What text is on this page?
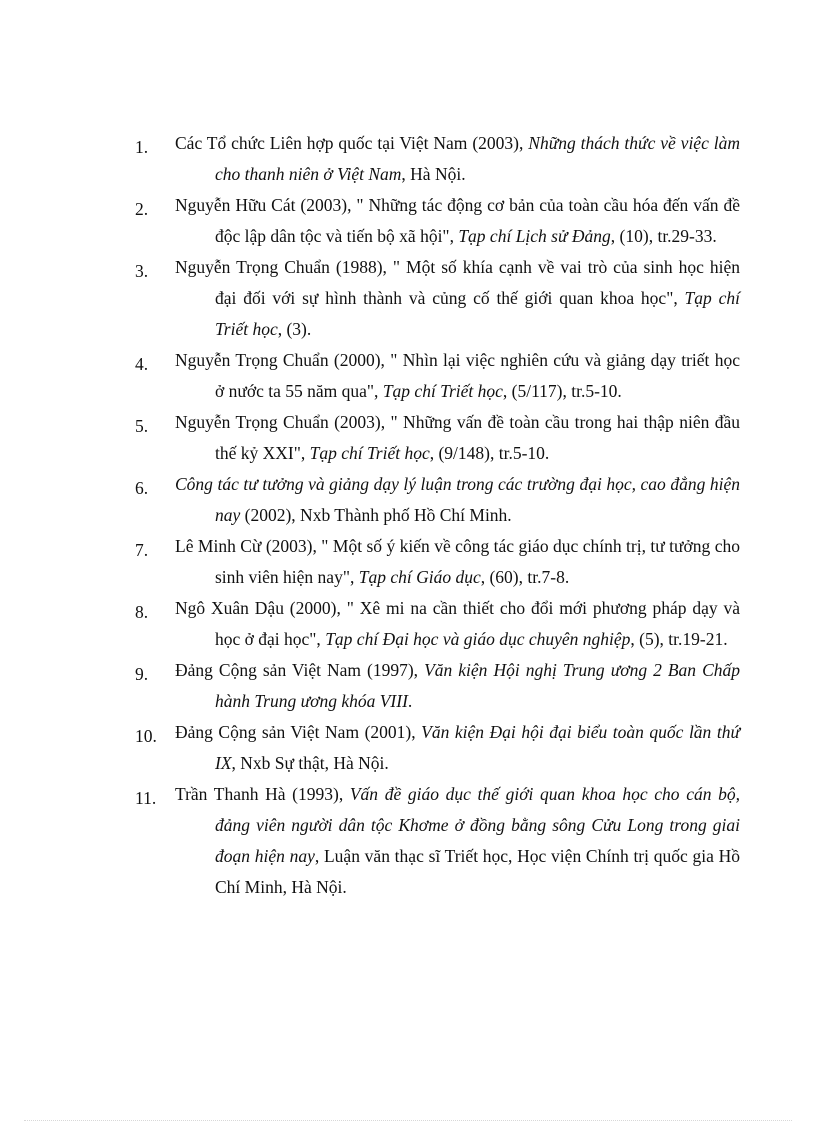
1.	Các Tổ chức Liên hợp quốc tại Việt Nam (2003), Những thách thức về việc làm cho thanh niên ở Việt Nam, Hà Nội.
2.	Nguyễn Hữu Cát (2003), " Những tác động cơ bản của toàn cầu hóa đến vấn đề độc lập dân tộc và tiến bộ xã hội", Tạp chí Lịch sử Đảng, (10), tr.29-33.
3.	Nguyễn Trọng Chuẩn (1988), " Một số khía cạnh về vai trò của sinh học hiện đại đối với sự hình thành và củng cố thế giới quan khoa học", Tạp chí Triết học, (3).
4.	Nguyễn Trọng Chuẩn (2000), " Nhìn lại việc nghiên cứu và giảng dạy triết học ở nước ta 55 năm qua", Tạp chí Triết học, (5/117), tr.5-10.
5.	Nguyễn Trọng Chuẩn (2003), " Những vấn đề toàn cầu trong hai thập niên đầu thế kỷ XXI", Tạp chí Triết học, (9/148), tr.5-10.
6.	Công tác tư tưởng và giảng dạy lý luận trong các trường đại học, cao đẳng hiện nay (2002), Nxb Thành phố Hồ Chí Minh.
7.	Lê Minh Cừ (2003), " Một số ý kiến về công tác giáo dục chính trị, tư tưởng cho sinh viên hiện nay", Tạp chí Giáo dục, (60), tr.7-8.
8.	Ngô Xuân Dậu (2000), " Xê mi na cần thiết cho đổi mới phương pháp dạy và học ở đại học", Tạp chí Đại học và giáo dục chuyên nghiệp, (5), tr.19-21.
9.	Đảng Cộng sản Việt Nam (1997), Văn kiện Hội nghị Trung ương 2 Ban Chấp hành Trung ương khóa VIII.
10.	Đảng Cộng sản Việt Nam (2001), Văn kiện Đại hội đại biểu toàn quốc lần thứ IX, Nxb Sự thật, Hà Nội.
11.	Trần Thanh Hà (1993), Vấn đề giáo dục thế giới quan khoa học cho cán bộ, đảng viên người dân tộc Khơme ở đồng bằng sông Cửu Long trong giai đoạn hiện nay, Luận văn thạc sĩ Triết học, Học viện Chính trị quốc gia Hồ Chí Minh, Hà Nội.
